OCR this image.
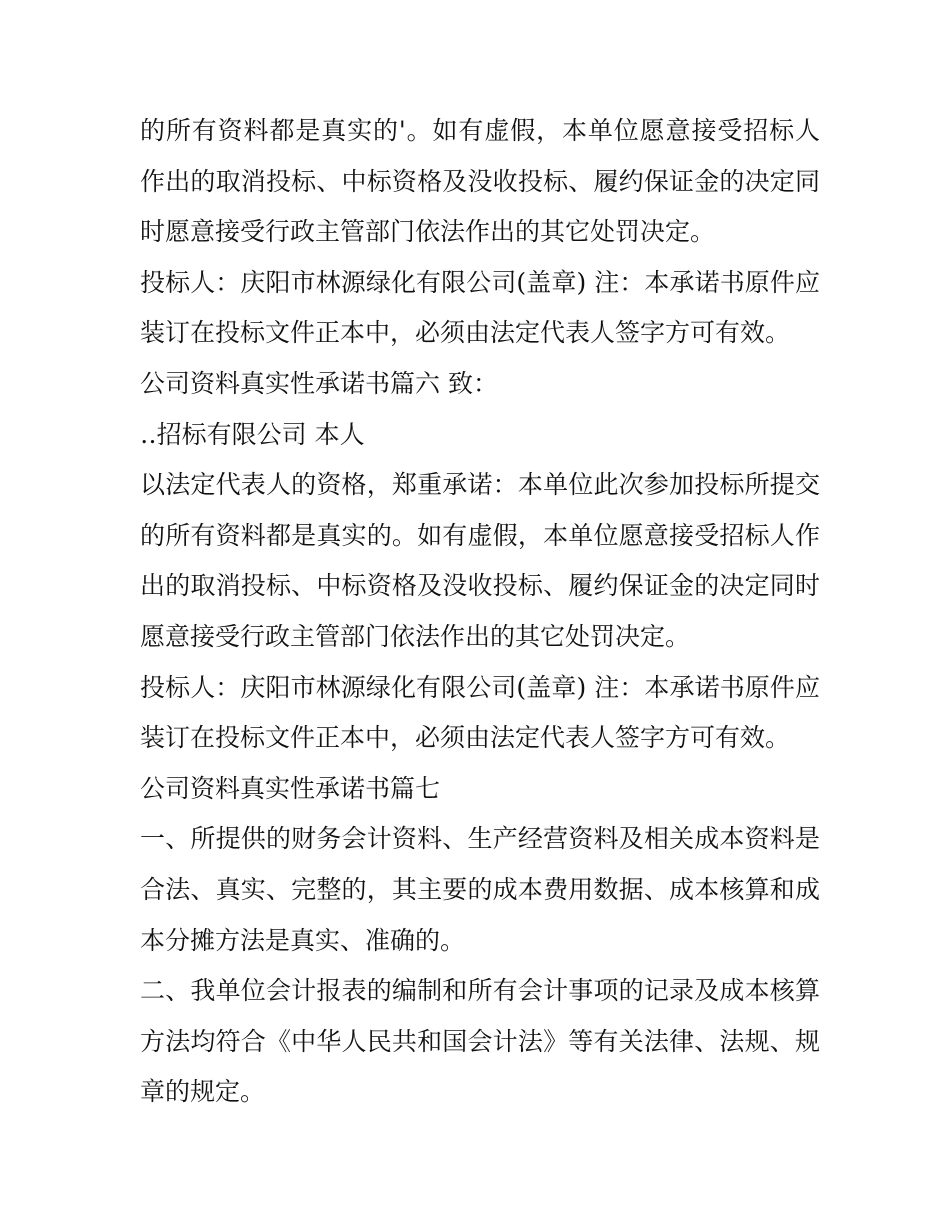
的所有资料都是真实的'。如有虚假，本单位愿意接受招标人
作出的取消投标、中标资格及没收投标、履约保证金的决定同
时愿意接受行政主管部门依法作出的其它处罚决定。
投标人：庆阳市林源绿化有限公司(盖章) 注：本承诺书原件应
装订在投标文件正本中，必须由法定代表人签字方可有效。
公司资料真实性承诺书篇六 致：
‥招标有限公司 本人
以法定代表人的资格，郑重承诺：本单位此次参加投标所提交
的所有资料都是真实的。如有虚假，本单位愿意接受招标人作
出的取消投标、中标资格及没收投标、履约保证金的决定同时
愿意接受行政主管部门依法作出的其它处罚决定。
投标人：庆阳市林源绿化有限公司(盖章) 注：本承诺书原件应
装订在投标文件正本中，必须由法定代表人签字方可有效。
公司资料真实性承诺书篇七
一、所提供的财务会计资料、生产经营资料及相关成本资料是
合法、真实、完整的，其主要的成本费用数据、成本核算和成
本分摊方法是真实、准确的。
二、我单位会计报表的编制和所有会计事项的记录及成本核算
方法均符合《中华人民共和国会计法》等有关法律、法规、规
章的规定。
